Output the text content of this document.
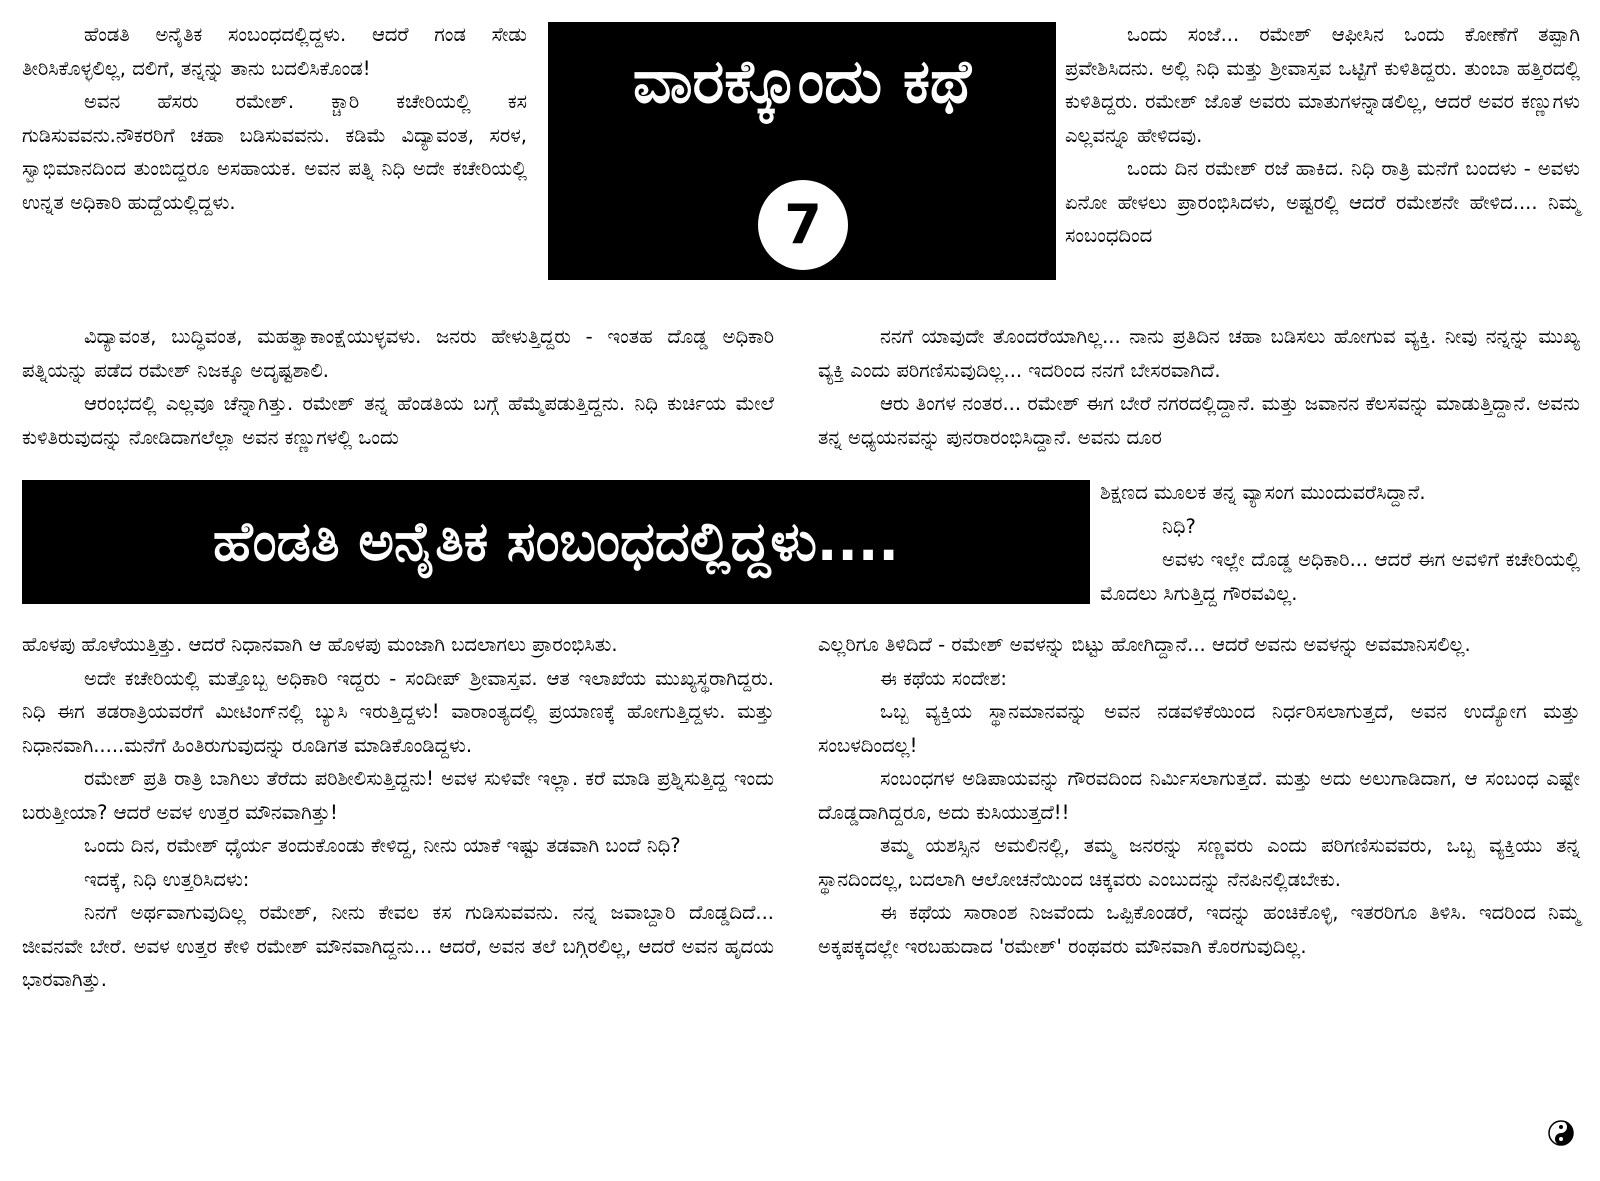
ವಾರಕ್ಕೊಂದು ಕಥೆ
7
ಹೆಂಡತಿ ಅನೈತಿಕ ಸಂಬಂಧದಲ್ಲಿದ್ದಳು....

ಹೆಂಡತಿ ಅನೈತಿಕ ಸಂಬಂಧದಲ್ಲಿದ್ದಳು. ಆದರೆ ಗಂಡ ಸೇಡು ತೀರಿಸಿಕೊಳ್ಳಲಿಲ್ಲ, ದಲಿಗೆ, ತನ್ನನ್ನು ತಾನು ಬದಲಿಸಿಕೊಂಡ!

ಅವನ ಹೆಸರು ರಮೇಶ್. ಕ್ಚಾರಿ ಕಚೇರಿಯಲ್ಲಿ ಕಸ ಗುಡಿಸುವವನು.ನೌಕರರಿಗೆ ಚಹಾ ಬಡಿಸುವವನು. ಕಡಿಮೆ ವಿದ್ಯಾವಂತ, ಸರಳ, ಸ್ವಾಭಿಮಾನದಿಂದ ತುಂಬಿದ್ದರೂ ಅಸಹಾಯಕ. ಅವನ ಪತ್ನಿ ನಿಧಿ ಅದೇ ಕಚೇರಿಯಲ್ಲಿ ಉನ್ನತ ಅಧಿಕಾರಿ ಹುದ್ದೆಯಲ್ಲಿದ್ದಳು.

ವಿದ್ಯಾವಂತ, ಬುದ್ಧಿವಂತ, ಮಹತ್ವಾಕಾಂಕ್ಷೆಯುಳ್ಳವಳು. ಜನರು ಹೇಳುತ್ತಿದ್ದರು - ಇಂತಹ ದೊಡ್ಡ ಅಧಿಕಾರಿ ಪತ್ನಿಯನ್ನು ಪಡೆದ ರಮೇಶ್ ನಿಜಕ್ಕೂ ಅದೃಷ್ಟಶಾಲಿ.

ಆರಂಭದಲ್ಲಿ ಎಲ್ಲವೂ ಚೆನ್ನಾಗಿತ್ತು. ರಮೇಶ್ ತನ್ನ ಹೆಂಡತಿಯ ಬಗ್ಗೆ ಹೆಮ್ಮೆಪಡುತ್ತಿದ್ದನು. ನಿಧಿ ಕುರ್ಚಿಯ ಮೇಲೆ ಕುಳಿತಿರುವುದನ್ನು ನೋಡಿದಾಗಲೆಲ್ಲಾ ಅವನ ಕಣ್ಣುಗಳಲ್ಲಿ ಒಂದು

ಒಂದು ಸಂಜೆ... ರಮೇಶ್ ಆಫೀಸಿನ ಒಂದು ಕೋಣೆಗೆ ತಪ್ಪಾಗಿ ಪ್ರವೇಶಿಸಿದನು. ಅಲ್ಲಿ ನಿಧಿ ಮತ್ತು ಶ್ರೀವಾಸ್ತವ ಒಟ್ಟಿಗೆ ಕುಳಿತಿದ್ದರು. ತುಂಬಾ ಹತ್ತಿರದಲ್ಲಿ ಕುಳಿತಿದ್ದರು. ರಮೇಶ್ ಜೊತೆ ಅವರು ಮಾತುಗಳನ್ನಾಡಲಿಲ್ಲ, ಆದರೆ ಅವರ ಕಣ್ಣುಗಳು ಎಲ್ಲವನ್ನೂ ಹೇಳಿದವು.

ಒಂದು ದಿನ ರಮೇಶ್ ರಜೆ ಹಾಕಿದ. ನಿಧಿ ರಾತ್ರಿ ಮನೆಗೆ ಬಂದಳು - ಅವಳು ಏನೋ ಹೇಳಲು ಪ್ರಾರಂಭಿಸಿದಳು, ಅಷ್ಟರಲ್ಲಿ ಆದರೆ ರಮೇಶನೇ ಹೇಳಿದ.... ನಿಮ್ಮ ಸಂಬಂಧದಿಂದ

ನನಗೆ ಯಾವುದೇ ತೊಂದರೆಯಾಗಿಲ್ಲ... ನಾನು ಪ್ರತಿದಿನ ಚಹಾ ಬಡಿಸಲು ಹೋಗುವ ವ್ಯಕ್ತಿ. ನೀವು ನನ್ನನ್ನು ಮುಖ್ಯ ವ್ಯಕ್ತಿ ಎಂದು ಪರಿಗಣಿಸುವುದಿಲ್ಲ... ಇದರಿಂದ ನನಗೆ ಬೇಸರವಾಗಿದೆ.

ಆರು ತಿಂಗಳ ನಂತರ... ರಮೇಶ್ ಈಗ ಬೇರೆ ನಗರದಲ್ಲಿದ್ದಾನೆ. ಮತ್ತು ಜವಾನನ ಕೆಲಸವನ್ನು ಮಾಡುತ್ತಿದ್ದಾನೆ. ಅವನು ತನ್ನ ಅಧ್ಯಯನವನ್ನು ಪುನರಾರಂಭಿಸಿದ್ದಾನೆ. ಅವನು ದೂರ

ಶಿಕ್ಷಣದ ಮೂಲಕ ತನ್ನ ವ್ಯಾಸಂಗ ಮುಂದುವರೆಸಿದ್ದಾನೆ.

ನಿಧಿ?

ಅವಳು ಇಲ್ಲೇ ದೊಡ್ಡ ಅಧಿಕಾರಿ... ಆದರೆ ಈಗ ಅವಳಿಗೆ ಕಚೇರಿಯಲ್ಲಿ ಮೊದಲು ಸಿಗುತ್ತಿದ್ದ ಗೌರವವಿಲ್ಲ.

ಹೊಳಪು ಹೊಳೆಯುತ್ತಿತ್ತು. ಆದರೆ ನಿಧಾನವಾಗಿ ಆ ಹೊಳಪು ಮಂಜಾಗಿ ಬದಲಾಗಲು ಪ್ರಾರಂಭಿಸಿತು.

ಅದೇ ಕಚೇರಿಯಲ್ಲಿ ಮತ್ತೊಬ್ಬ ಅಧಿಕಾರಿ ಇದ್ದರು - ಸಂದೀಪ್ ಶ್ರೀವಾಸ್ತವ. ಆತ ಇಲಾಖೆಯ ಮುಖ್ಯಸ್ಥರಾಗಿದ್ದರು. ನಿಧಿ ಈಗ ತಡರಾತ್ರಿಯವರೆಗೆ ಮೀಟಿಂಗ್‌ನಲ್ಲಿ ಬ್ಯುಸಿ ಇರುತ್ತಿದ್ದಳು! ವಾರಾಂತ್ಯದಲ್ಲಿ ಪ್ರಯಾಣಕ್ಕೆ ಹೋಗುತ್ತಿದ್ದಳು. ಮತ್ತು ನಿಧಾನವಾಗಿ.....ಮನೆಗೆ ಹಿಂತಿರುಗುವುದನ್ನು ರೂಡಿಗತ ಮಾಡಿಕೊಂಡಿದ್ದಳು.

ರಮೇಶ್ ಪ್ರತಿ ರಾತ್ರಿ ಬಾಗಿಲು ತೆರೆದು ಪರಿಶೀಲಿಸುತ್ತಿದ್ದನು! ಅವಳ ಸುಳಿವೇ ಇಲ್ಲಾ. ಕರೆ ಮಾಡಿ ಪ್ರಶ್ನಿಸುತ್ತಿದ್ದ ಇಂದು ಬರುತ್ತೀಯಾ? ಆದರೆ ಅವಳ ಉತ್ತರ ಮೌನವಾಗಿತ್ತು!

ಒಂದು ದಿನ, ರಮೇಶ್ ಧೈರ್ಯ ತಂದುಕೊಂಡು ಕೇಳಿದ್ದ, ನೀನು ಯಾಕೆ ಇಷ್ಟು ತಡವಾಗಿ ಬಂದೆ ನಿಧಿ?

ಇದಕ್ಕೆ, ನಿಧಿ ಉತ್ತರಿಸಿದಳು:

ನಿನಗೆ ಅರ್ಥವಾಗುವುದಿಲ್ಲ ರಮೇಶ್, ನೀನು ಕೇವಲ ಕಸ ಗುಡಿಸುವವನು. ನನ್ನ ಜವಾಬ್ದಾರಿ ದೊಡ್ಡದಿದೆ... ಜೀವನವೇ ಬೇರೆ. ಅವಳ ಉತ್ತರ ಕೇಳಿ ರಮೇಶ್ ಮೌನವಾಗಿದ್ದನು... ಆದರೆ, ಅವನ ತಲೆ ಬಗ್ಗಿರಲಿಲ್ಲ, ಆದರೆ ಅವನ ಹೃದಯ ಭಾರವಾಗಿತ್ತು.

ಎಲ್ಲರಿಗೂ ತಿಳಿದಿದೆ - ರಮೇಶ್ ಅವಳನ್ನು ಬಿಟ್ಟು ಹೋಗಿದ್ದಾನೆ... ಆದರೆ ಅವನು ಅವಳನ್ನು ಅವಮಾನಿಸಲಿಲ್ಲ.

ಈ ಕಥೆಯ ಸಂದೇಶ:

ಒಬ್ಬ ವ್ಯಕ್ತಿಯ ಸ್ಥಾನಮಾನವನ್ನು ಅವನ ನಡವಳಿಕೆಯಿಂದ ನಿರ್ಧರಿಸಲಾಗುತ್ತದೆ, ಅವನ ಉದ್ಯೋಗ ಮತ್ತು ಸಂಬಳದಿಂದಲ್ಲ!

ಸಂಬಂಧಗಳ ಅಡಿಪಾಯವನ್ನು ಗೌರವದಿಂದ ನಿರ್ಮಿಸಲಾಗುತ್ತದೆ. ಮತ್ತು ಅದು ಅಲುಗಾಡಿದಾಗ, ಆ ಸಂಬಂಧ ಎಷ್ಟೇ ದೊಡ್ಡದಾಗಿದ್ದರೂ, ಅದು ಕುಸಿಯುತ್ತದೆ!!

ತಮ್ಮ ಯಶಸ್ಸಿನ ಅಮಲಿನಲ್ಲಿ, ತಮ್ಮ ಜನರನ್ನು ಸಣ್ಣವರು ಎಂದು ಪರಿಗಣಿಸುವವರು, ಒಬ್ಬ ವ್ಯಕ್ತಿಯು ತನ್ನ ಸ್ಥಾನದಿಂದಲ್ಲ, ಬದಲಾಗಿ ಆಲೋಚನೆಯಿಂದ ಚಿಕ್ಕವರು ಎಂಬುದನ್ನು ನೆನಪಿನಲ್ಲಿಡಬೇಕು.

ಈ ಕಥೆಯ ಸಾರಾಂಶ ನಿಜವೆಂದು ಒಪ್ಪಿಕೊಂಡರೆ, ಇದನ್ನು ಹಂಚಿಕೊಳ್ಳಿ, ಇತರರಿಗೂ ತಿಳಿಸಿ. ಇದರಿಂದ ನಿಮ್ಮ ಅಕ್ಕಪಕ್ಕದಲ್ಲೇ ಇರಬಹುದಾದ 'ರಮೇಶ್' ರಂಥವರು ಮೌನವಾಗಿ ಕೊರಗುವುದಿಲ್ಲ.
